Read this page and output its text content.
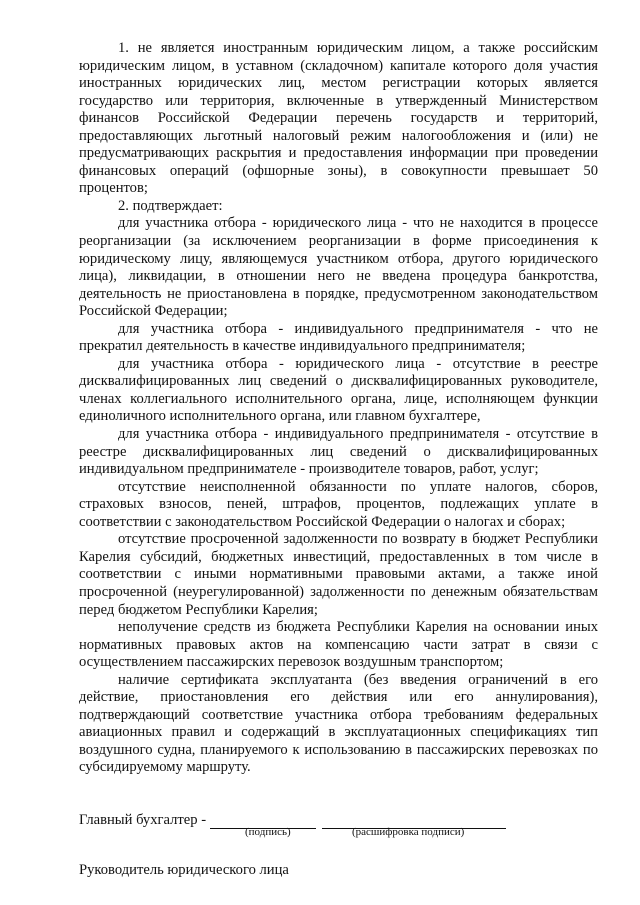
1. не является иностранным юридическим лицом, а также российским юридическим лицом, в уставном (складочном) капитале которого доля участия иностранных юридических лиц, местом регистрации которых является государство или территория, включенные в утвержденный Министерством финансов Российской Федерации перечень государств и территорий, предоставляющих льготный налоговый режим налогообложения и (или) не предусматривающих раскрытия и предоставления информации при проведении финансовых операций (офшорные зоны), в совокупности превышает 50 процентов;

2. подтверждает:

для участника отбора - юридического лица - что не находится в процессе реорганизации (за исключением реорганизации в форме присоединения к юридическому лицу, являющемуся участником отбора, другого юридического лица), ликвидации, в отношении него не введена процедура банкротства, деятельность не приостановлена в порядке, предусмотренном законодательством Российской Федерации;

для участника отбора - индивидуального предпринимателя - что не прекратил деятельность в качестве индивидуального предпринимателя;

для участника отбора - юридического лица - отсутствие в реестре дисквалифицированных лиц сведений о дисквалифицированных руководителе, членах коллегиального исполнительного органа, лице, исполняющем функции единоличного исполнительного органа, или главном бухгалтере,

для участника отбора - индивидуального предпринимателя - отсутствие в реестре дисквалифицированных лиц сведений о дисквалифицированных индивидуальном предпринимателе - производителе товаров, работ, услуг;

отсутствие неисполненной обязанности по уплате налогов, сборов, страховых взносов, пеней, штрафов, процентов, подлежащих уплате в соответствии с законодательством Российской Федерации о налогах и сборах;

отсутствие просроченной задолженности по возврату в бюджет Республики Карелия субсидий, бюджетных инвестиций, предоставленных в том числе в соответствии с иными нормативными правовыми актами, а также иной просроченной (неурегулированной) задолженности по денежным обязательствам перед бюджетом Республики Карелия;

неполучение средств из бюджета Республики Карелия на основании иных нормативных правовых актов на компенсацию части затрат в связи с осуществлением пассажирских перевозок воздушным транспортом;

наличие сертификата эксплуатанта (без введения ограничений в его действие, приостановления его действия или его аннулирования), подтверждающий соответствие участника отбора требованиям федеральных авиационных правил и содержащий в эксплуатационных спецификациях тип воздушного судна, планируемого к использованию в пассажирских перевозках по субсидируемому маршруту.

Главный бухгалтер -
(подпись)	(расшифровка подписи)
Руководитель юридического лица
